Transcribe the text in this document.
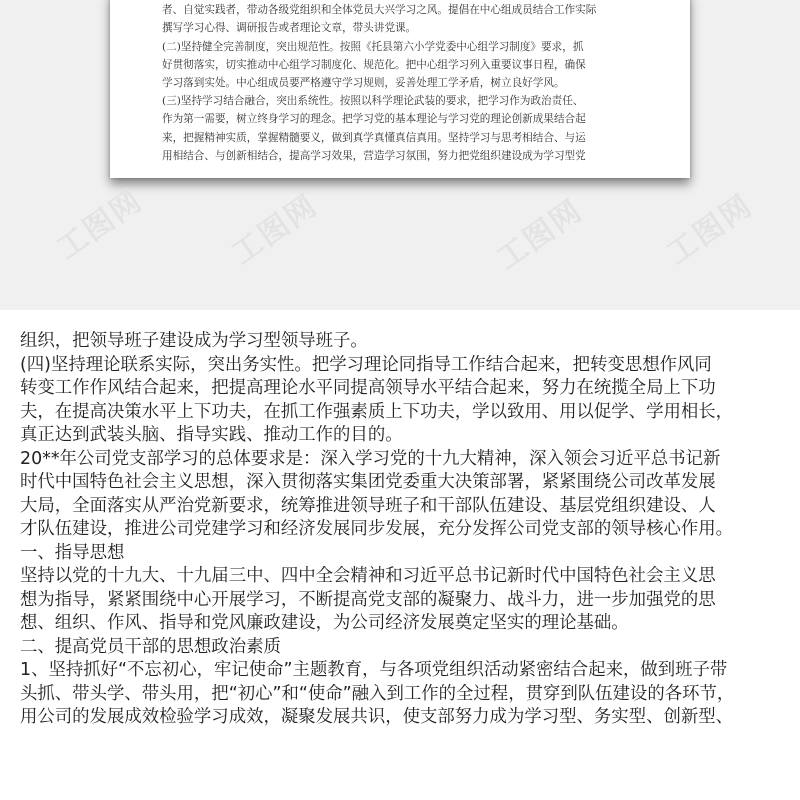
者、自觉实践者，带动各级党组织和全体党员大兴学习之风。提倡在中心组成员结合工作实际
撰写学习心得、调研报告或者理论文章，带头讲党课。
(二)坚持健全完善制度，突出规范性。按照《托县第六小学党委中心组学习制度》要求，抓
好贯彻落实，切实推动中心组学习制度化、规范化。把中心组学习列入重要议事日程，确保
学习落到实处。中心组成员要严格遵守学习规则，妥善处理工学矛盾，树立良好学风。
(三)坚持学习结合融合，突出系统性。按照以科学理论武装的要求，把学习作为政治责任、
作为第一需要，树立终身学习的理念。把学习党的基本理论与学习党的理论创新成果结合起
来，把握精神实质，掌握精髓要义，做到真学真懂真信真用。坚持学习与思考相结合、与运
用相结合、与创新相结合，提高学习效果，营造学习氛围，努力把党组织建设成为学习型党
工图网	工图网	工图网 工图网
组织，把领导班子建设成为学习型领导班子。
(四)坚持理论联系实际，突出务实性。把学习理论同指导工作结合起来，把转变思想作风同
转变工作作风结合起来，把提高理论水平同提高领导水平结合起来，努力在统揽全局上下功
夫，在提高决策水平上下功夫，在抓工作强素质上下功夫，学以致用、用以促学、学用相长，
真正达到武装头脑、指导实践、推动工作的目的。
20**年公司党支部学习的总体要求是：深入学习党的十九大精神，深入领会习近平总书记新
时代中国特色社会主义思想，深入贯彻落实集团党委重大决策部署，紧紧围绕公司改革发展
大局，全面落实从严治党新要求，统筹推进领导班子和干部队伍建设、基层党组织建设、人
才队伍建设，推进公司党建学习和经济发展同步发展，充分发挥公司党支部的领导核心作用。
一、指导思想
坚持以党的十九大、十九届三中、四中全会精神和习近平总书记新时代中国特色社会主义思
想为指导，紧紧围绕中心开展学习，不断提高党支部的凝聚力、战斗力，进一步加强党的思
想、组织、作风、指导和党风廉政建设，为公司经济发展奠定坚实的理论基础。
二、提高党员干部的思想政治素质
1、坚持抓好“不忘初心，牢记使命”主题教育，与各项党组织活动紧密结合起来，做到班子带
头抓、带头学、带头用，把“初心”和“使命”融入到工作的全过程，贯穿到队伍建设的各环节，
用公司的发展成效检验学习成效，凝聚发展共识，使支部努力成为学习型、务实型、创新型、
